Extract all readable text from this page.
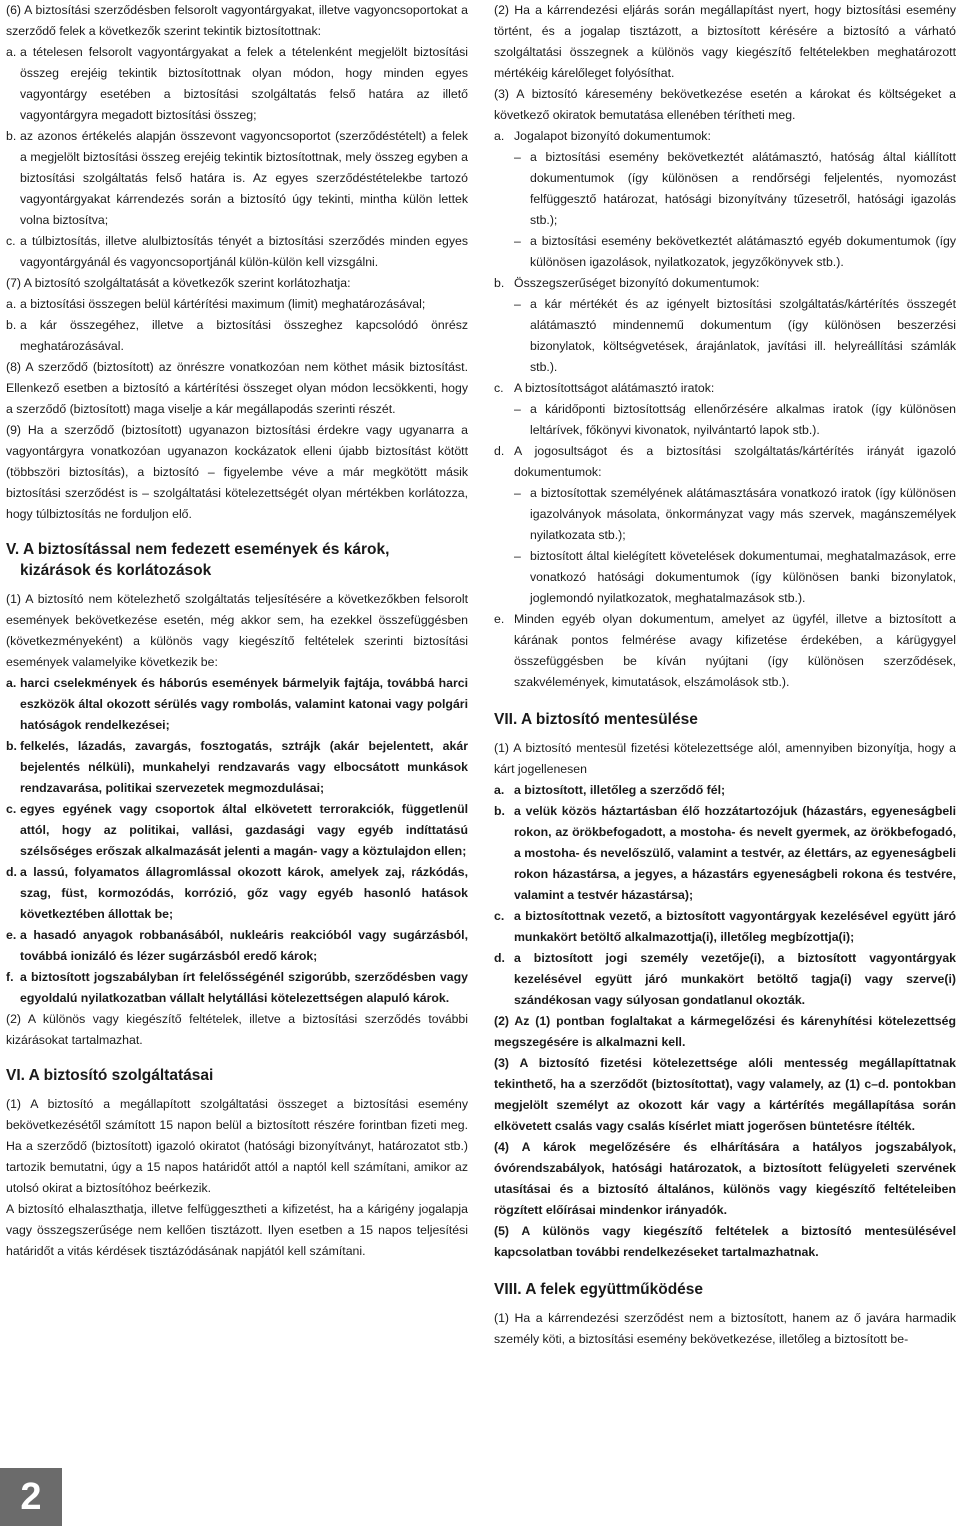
(6) A biztosítási szerződésben felsorolt vagyontárgyakat, illetve vagyoncsoportokat a szerződő felek a következők szerint tekintik biztosítottnak:

a. a tételesen felsorolt vagyontárgyakat a felek a tételenként megjelölt biztosítási összeg erejéig tekintik biztosítottnak olyan módon, hogy minden egyes vagyontárgy esetében a biztosítási szolgáltatás felső határa az illető vagyontárgyra megadott biztosítási összeg;
b. az azonos értékelés alapján összevont vagyoncsoportot (szerződéstételt) a felek a megjelölt biztosítási összeg erejéig tekintik biztosítottnak, mely összeg egyben a biztosítási szolgáltatás felső határa is. Az egyes szerződéstételekbe tartozó vagyontárgyakat kárrendezés során a biztosító úgy tekinti, mintha külön lettek volna biztosítva;
c. a túlbiztosítás, illetve alulbiztosítás tényét a biztosítási szerződés minden egyes vagyontárgyánál és vagyoncsoportjánál külön-külön kell vizsgálni.

(7) A biztosító szolgáltatását a következők szerint korlátozhatja:

a. a biztosítási összegen belül kártérítési maximum (limit) meghatározásával;
b. a kár összegéhez, illetve a biztosítási összeghez kapcsolódó önrész meghatározásával.

(8) A szerződő (biztosított) az önrészre vonatkozóan nem köthet másik biztosítást. Ellenkező esetben a biztosító a kártérítési összeget olyan módon lecsökkenti, hogy a szerződő (biztosított) maga viselje a kár megállapodás szerinti részét.

(9) Ha a szerződő (biztosított) ugyanazon biztosítási érdekre vagy ugyanarra a vagyontárgyra vonatkozóan ugyanazon kockázatok elleni újabb biztosítást kötött (többszöri biztosítás), a biztosító – figyelembe véve a már megkötött másik biztosítási szerződést is – szolgáltatási kötelezettségét olyan mértékben korlátozza, hogy túlbiztosítás ne forduljon elő.

V. A biztosítással nem fedezett események és károk,
kizárások és korlátozások

(1) A biztosító nem kötelezhető szolgáltatás teljesítésére a következőkben felsorolt események bekövetkezése esetén, még akkor sem, ha ezekkel összefüggésben (következményeként) a különös vagy kiegészítő feltételek szerinti biztosítási események valamelyike következik be:

a. harci cselekmények és háborús események bármelyik fajtája, továbbá harci eszközök által okozott sérülés vagy rombolás, valamint katonai vagy polgári hatóságok rendelkezései;
b. felkelés, lázadás, zavargás, fosztogatás, sztrájk (akár bejelentett, akár bejelentés nélküli), munkahelyi rendzavarás vagy elbocsátott munkások rendzavarása, politikai szervezetek megmozdulásai;
c. egyes egyének vagy csoportok által elkövetett terrorakciók, függetlenül attól, hogy az politikai, vallási, gazdasági vagy egyéb indíttatású szélsőséges erőszak alkalmazását jelenti a magán- vagy a köztulajdon ellen;
d. a lassú, folyamatos állagromlással okozott károk, amelyek zaj, rázkódás, szag, füst, kormozódás, korrózió, gőz vagy egyéb hasonló hatások következtében állottak be;
e. a hasadó anyagok robbanásából, nukleáris reakcióból vagy sugárzásból, továbbá ionizáló és lézer sugárzásból eredő károk;
f. a biztosított jogszabályban írt felelősségénél szigorúbb, szerződésben vagy egyoldalú nyilatkozatban vállalt helytállási kötelezettségen alapuló károk.

(2) A különös vagy kiegészítő feltételek, illetve a biztosítási szerződés további kizárásokat tartalmazhat.

VI. A biztosító szolgáltatásai

(1) A biztosító a megállapított szolgáltatási összeget a biztosítási esemény bekövetkezésétől számított 15 napon belül a biztosított részére forintban fizeti meg. Ha a szerződő (biztosított) igazoló okiratot (hatósági bizonyítványt, határozatot stb.) tartozik bemutatni, úgy a 15 napos határidőt attól a naptól kell számítani, amikor az utolsó okirat a biztosítóhoz beérkezik.

A biztosító elhalaszthatja, illetve felfüggesztheti a kifizetést, ha a kárigény jogalapja vagy összegszerűsége nem kellően tisztázott. Ilyen esetben a 15 napos teljesítési határidőt a vitás kérdések tisztázódásának napjától kell számítani.

(2) Ha a kárrendezési eljárás során megállapítást nyert, hogy biztosítási esemény történt, és a jogalap tisztázott, a biztosított kérésére a biztosító a várható szolgáltatási összegnek a különös vagy kiegészítő feltételekben meghatározott mértékéig kárelőleget folyósíthat.

(3) A biztosító káresemény bekövetkezése esetén a károkat és költségeket a következő okiratok bemutatása ellenében térítheti meg.

a. Jogalapot bizonyító dokumentumok:
– a biztosítási esemény bekövetkeztét alátámasztó, hatóság által kiállított dokumentumok (így különösen a rendőrségi feljelentés, nyomozást felfüggesztő határozat, hatósági bizonyítvány tűzesetről, hatósági igazolás stb.);
– a biztosítási esemény bekövetkeztét alátámasztó egyéb dokumentumok (így különösen igazolások, nyilatkozatok, jegyzőkönyvek stb.).
b. Összegszerűséget bizonyító dokumentumok:
– a kár mértékét és az igényelt biztosítási szolgáltatás/kártérítés összegét alátámasztó mindennemű dokumentum (így különösen beszerzési bizonylatok, költségvetések, árajánlatok, javítási ill. helyreállítási számlák stb.).
c. A biztosítottságot alátámasztó iratok:
– a káridőponti biztosítottság ellenőrzésére alkalmas iratok (így különösen leltárívek, főkönyvi kivonatok, nyilvántartó lapok stb.).
d. A jogosultságot és a biztosítási szolgáltatás/kártérítés irányát igazoló dokumentumok:
– a biztosítottak személyének alátámasztására vonatkozó iratok (így különösen igazolványok másolata, önkormányzat vagy más szervek, magánszemélyek nyilatkozata stb.);
– biztosított által kielégített követelések dokumentumai, meghatalmazások, erre vonatkozó hatósági dokumentumok (így különösen banki bizonylatok, joglemondó nyilatkozatok, meghatalmazások stb.).
e. Minden egyéb olyan dokumentum, amelyet az ügyfél, illetve a biztosított a kárának pontos felmérése avagy kifizetése érdekében, a kárügygyel összefüggésben be kíván nyújtani (így különösen szerződések, szakvélemények, kimutatások, elszámolások stb.).
VII. A biztosító mentesülése

(1) A biztosító mentesül fizetési kötelezettsége alól, amennyiben bizonyítja, hogy a kárt jogellenesen

a. a biztosított, illetőleg a szerződő fél;
b. a velük közös háztartásban élő hozzátartozójuk (házastárs, egyeneságbeli rokon, az örökbefogadott, a mostoha- és nevelt gyermek, az örökbefogadó, a mostoha- és nevelőszülő, valamint a testvér, az élettárs, az egyeneságbeli rokon házastársa, a jegyes, a házastárs egyeneságbeli rokona és testvére, valamint a testvér házastársa);
c. a biztosítottnak vezető, a biztosított vagyontárgyak kezelésével együtt járó munkakört betöltő alkalmazottja(i), illetőleg megbízottja(i);
d. a biztosított jogi személy vezetője(i), a biztosított vagyontárgyak kezelésével együtt járó munkakört betöltő tagja(i) vagy szerve(i) szándékosan vagy súlyosan gondatlanul okozták.

(2) Az (1) pontban foglaltakat a kármegelőzési és kárenyhítési kötelezettség megszegésére is alkalmazni kell.

(3) A biztosító fizetési kötelezettsége alóli mentesség megállapíttatnak tekinthető, ha a szerződőt (biztosítottat), vagy valamely, az (1) c–d. pontokban megjelölt személyt az okozott kár vagy a kártérítés megállapítása során elkövetett csalás vagy csalás kísérlet miatt jogerősen büntetésre ítélték.

(4) A károk megelőzésére és elhárítására a hatályos jogszabályok, óvórendszabályok, hatósági határozatok, a biztosított felügyeleti szervének utasításai és a biztosító általános, különös vagy kiegészítő feltételeiben rögzített előírásai mindenkor irányadók.

(5) A különös vagy kiegészítő feltételek a biztosító mentesülésével kapcsolatban további rendelkezéseket tartalmazhatnak.

VIII. A felek együttműködése

(1) Ha a kárrendezési szerződést nem a biztosított, hanem az ő javára harmadik személy köti, a biztosítási esemény bekövetkezése, illetőleg a biztosított be-

2
